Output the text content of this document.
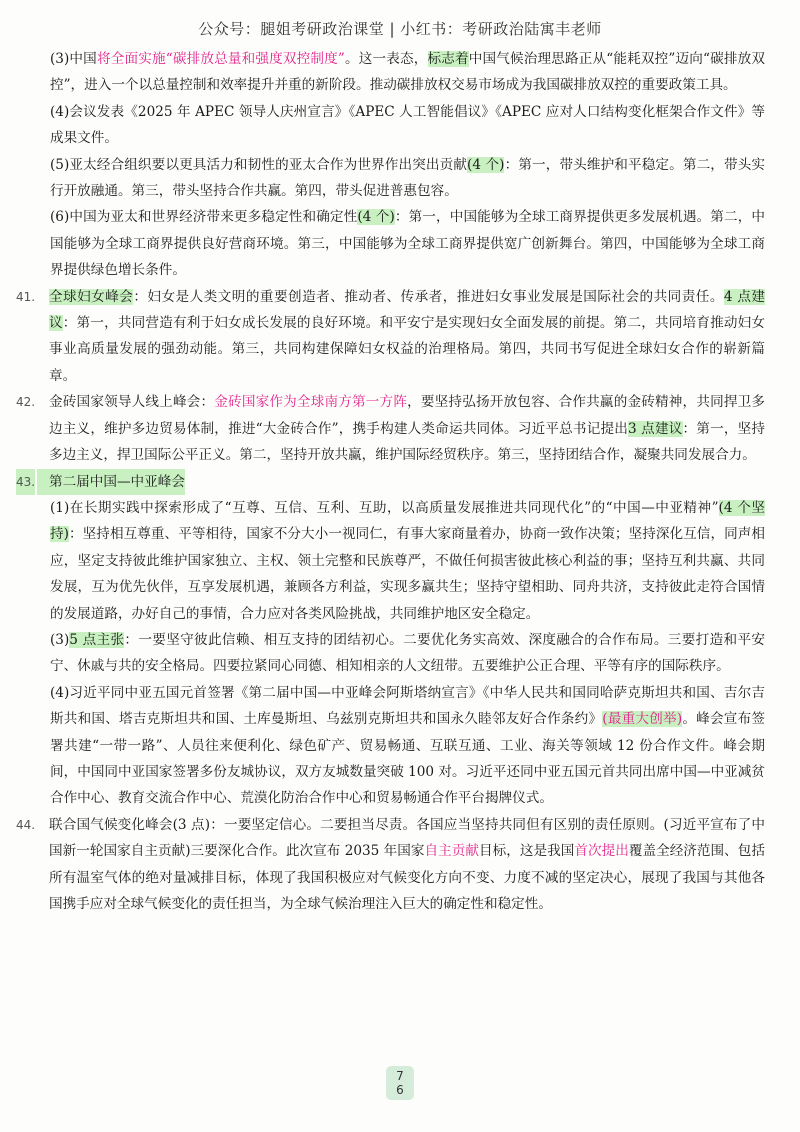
公众号：腿姐考研政治课堂 | 小红书：考研政治陆寓丰老师

(3)中国将全面实施“碳排放总量和强度双控制度”。这一表态，标志着中国气候治理思路正从“能耗双控”迈向“碳排放双控”，进入一个以总量控制和效率提升并重的新阶段。推动碳排放权交易市场成为我国碳排放双控的重要政策工具。

(4)会议发表《2025 年 APEC 领导人庆州宣言》《APEC 人工智能倡议》《APEC 应对人口结构变化框架合作文件》等成果文件。

(5)亚太经合组织要以更具活力和韧性的亚太合作为世界作出突出贡献(4 个)：第一，带头维护和平稳定。第二，带头实行开放融通。第三，带头坚持合作共赢。第四，带头促进普惠包容。

(6)中国为亚太和世界经济带来更多稳定性和确定性(4 个)：第一，中国能够为全球工商界提供更多发展机遇。第二，中国能够为全球工商界提供良好营商环境。第三，中国能够为全球工商界提供宽广创新舞台。第四，中国能够为全球工商界提供绿色增长条件。

41.	全球妇女峰会：妇女是人类文明的重要创造者、推动者、传承者，推进妇女事业发展是国际社会的共同责任。4 点建议：第一，共同营造有利于妇女成长发展的良好环境。和平安宁是实现妇女全面发展的前提。第二，共同培育推动妇女事业高质量发展的强劲动能。第三，共同构建保障妇女权益的治理格局。第四，共同书写促进全球妇女合作的崭新篇章。
42.	金砖国家领导人线上峰会：金砖国家作为全球南方第一方阵，要坚持弘扬开放包容、合作共赢的金砖精神，共同捍卫多边主义，维护多边贸易体制，推进“大金砖合作”，携手构建人类命运共同体。习近平总书记提出3 点建议：第一，坚持多边主义，捍卫国际公平正义。第二，坚持开放共赢，维护国际经贸秩序。第三，坚持团结合作，凝聚共同发展合力。
43.	第二届中国—中亚峰会

(1)在长期实践中探索形成了“互尊、互信、互利、互助，以高质量发展推进共同现代化”的“中国—中亚精神”(4 个坚持)：坚持相互尊重、平等相待，国家不分大小一视同仁，有事大家商量着办，协商一致作决策；坚持深化互信，同声相应，坚定支持彼此维护国家独立、主权、领土完整和民族尊严，不做任何损害彼此核心利益的事；坚持互利共赢、共同发展，互为优先伙伴，互享发展机遇，兼顾各方利益，实现多赢共生；坚持守望相助、同舟共济，支持彼此走符合国情的发展道路，办好自己的事情，合力应对各类风险挑战，共同维护地区安全稳定。

(3)5 点主张：一要坚守彼此信赖、相互支持的团结初心。二要优化务实高效、深度融合的合作布局。三要打造和平安宁、休戚与共的安全格局。四要拉紧同心同德、相知相亲的人文纽带。五要维护公正合理、平等有序的国际秩序。

(4)习近平同中亚五国元首签署《第二届中国—中亚峰会阿斯塔纳宣言》《中华人民共和国同哈萨克斯坦共和国、吉尔吉斯共和国、塔吉克斯坦共和国、土库曼斯坦、乌兹别克斯坦共和国永久睦邻友好合作条约》(最重大创举)。峰会宣布签署共建“一带一路”、人员往来便利化、绿色矿产、贸易畅通、互联互通、工业、海关等领域 12 份合作文件。峰会期间，中国同中亚国家签署多份友城协议，双方友城数量突破 100 对。习近平还同中亚五国元首共同出席中国—中亚减贫合作中心、教育交流合作中心、荒漠化防治合作中心和贸易畅通合作平台揭牌仪式。

44.	联合国气候变化峰会(3 点)：一要坚定信心。二要担当尽责。各国应当坚持共同但有区别的责任原则。(习近平宣布了中国新一轮国家自主贡献)三要深化合作。此次宣布 2035 年国家自主贡献目标，这是我国首次提出覆盖全经济范围、包括所有温室气体的绝对量减排目标，体现了我国积极应对气候变化方向不变、力度不减的坚定决心，展现了我国与其他各国携手应对全球气候变化的责任担当，为全球气候治理注入巨大的确定性和稳定性。
7
6
